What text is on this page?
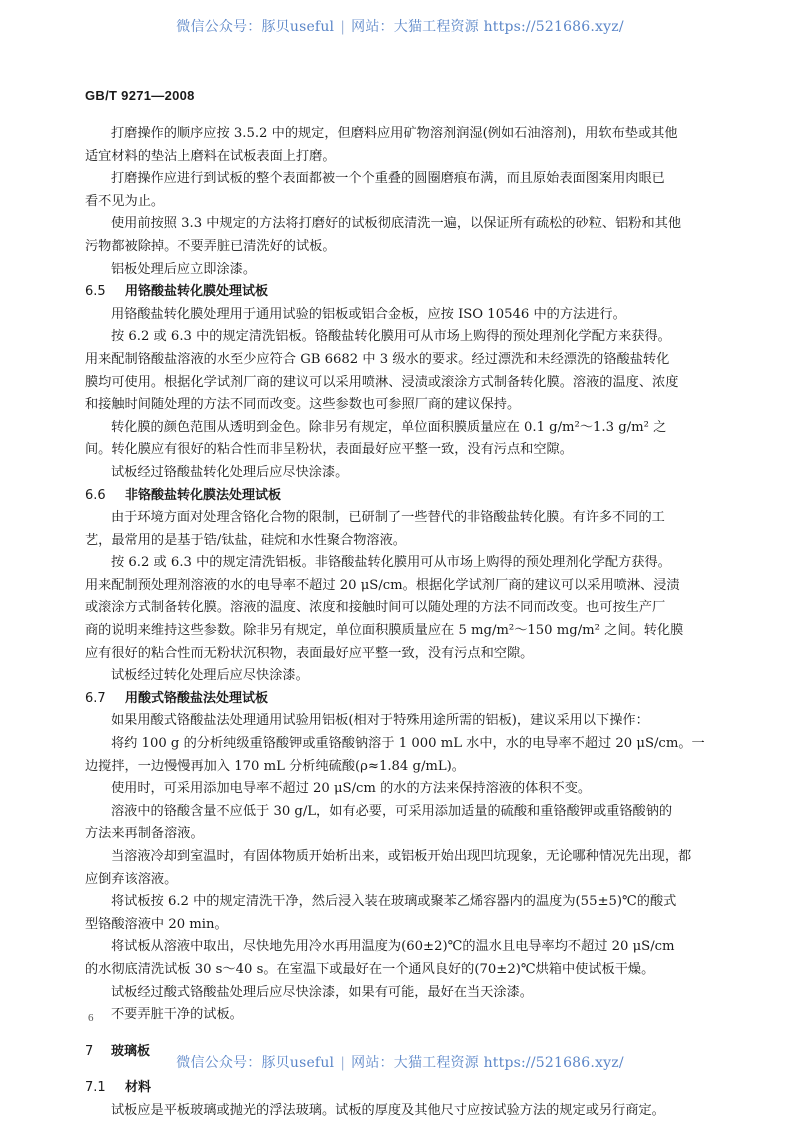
微信公众号：豚贝useful | 网站：大猫工程资源 https://521686.xyz/
GB/T 9271—2008
打磨操作的顺序应按 3.5.2 中的规定，但磨料应用矿物溶剂润湿(例如石油溶剂)，用软布垫或其他
适宜材料的垫沾上磨料在试板表面上打磨。
打磨操作应进行到试板的整个表面都被一个个重叠的圆圈磨痕布满，而且原始表面图案用肉眼已
看不见为止。
使用前按照 3.3 中规定的方法将打磨好的试板彻底清洗一遍，以保证所有疏松的砂粒、铝粉和其他
污物都被除掉。不要弄脏已清洗好的试板。
铝板处理后应立即涂漆。
6.5 用铬酸盐转化膜处理试板
用铬酸盐转化膜处理用于通用试验的铝板或铝合金板，应按 ISO 10546 中的方法进行。
按 6.2 或 6.3 中的规定清洗铝板。铬酸盐转化膜用可从市场上购得的预处理剂化学配方来获得。
用来配制铬酸盐溶液的水至少应符合 GB 6682 中 3 级水的要求。经过漂洗和未经漂洗的铬酸盐转化
膜均可使用。根据化学试剂厂商的建议可以采用喷淋、浸渍或滚涂方式制备转化膜。溶液的温度、浓度
和接触时间随处理的方法不同而改变。这些参数也可参照厂商的建议保持。
转化膜的颜色范围从透明到金色。除非另有规定，单位面积膜质量应在 0.1 g/m²～1.3 g/m² 之
间。转化膜应有很好的粘合性而非呈粉状，表面最好应平整一致，没有污点和空隙。
试板经过铬酸盐转化处理后应尽快涂漆。
6.6 非铬酸盐转化膜法处理试板
由于环境方面对处理含铬化合物的限制，已研制了一些替代的非铬酸盐转化膜。有许多不同的工
艺，最常用的是基于锆/钛盐，硅烷和水性聚合物溶液。
按 6.2 或 6.3 中的规定清洗铝板。非铬酸盐转化膜用可从市场上购得的预处理剂化学配方获得。
用来配制预处理剂溶液的水的电导率不超过 20 μS/cm。根据化学试剂厂商的建议可以采用喷淋、浸渍
或滚涂方式制备转化膜。溶液的温度、浓度和接触时间可以随处理的方法不同而改变。也可按生产厂
商的说明来维持这些参数。除非另有规定，单位面积膜质量应在 5 mg/m²～150 mg/m² 之间。转化膜
应有很好的粘合性而无粉状沉积物，表面最好应平整一致，没有污点和空隙。
试板经过转化处理后应尽快涂漆。
6.7 用酸式铬酸盐法处理试板
如果用酸式铬酸盐法处理通用试验用铝板(相对于特殊用途所需的铝板)，建议采用以下操作：
将约 100 g 的分析纯级重铬酸钾或重铬酸钠溶于 1 000 mL 水中，水的电导率不超过 20 μS/cm。一
边搅拌，一边慢慢再加入 170 mL 分析纯硫酸(ρ≈1.84 g/mL)。
使用时，可采用添加电导率不超过 20 μS/cm 的水的方法来保持溶液的体积不变。
溶液中的铬酸含量不应低于 30 g/L，如有必要，可采用添加适量的硫酸和重铬酸钾或重铬酸钠的
方法来再制备溶液。
当溶液冷却到室温时，有固体物质开始析出来，或铝板开始出现凹坑现象，无论哪种情况先出现，都
应倒弃该溶液。
将试板按 6.2 中的规定清洗干净，然后浸入装在玻璃或聚苯乙烯容器内的温度为(55±5)℃的酸式
型铬酸溶液中 20 min。
将试板从溶液中取出，尽快地先用冷水再用温度为(60±2)℃的温水且电导率均不超过 20 μS/cm
的水彻底清洗试板 30 s～40 s。在室温下或最好在一个通风良好的(70±2)℃烘箱中使试板干燥。
试板经过酸式铬酸盐处理后应尽快涂漆，如果有可能，最好在当天涂漆。
不要弄脏干净的试板。
7 玻璃板
7.1 材料
试板应是平板玻璃或抛光的浮法玻璃。试板的厚度及其他尺寸应按试验方法的规定或另行商定。
6
微信公众号：豚贝useful | 网站：大猫工程资源 https://521686.xyz/
